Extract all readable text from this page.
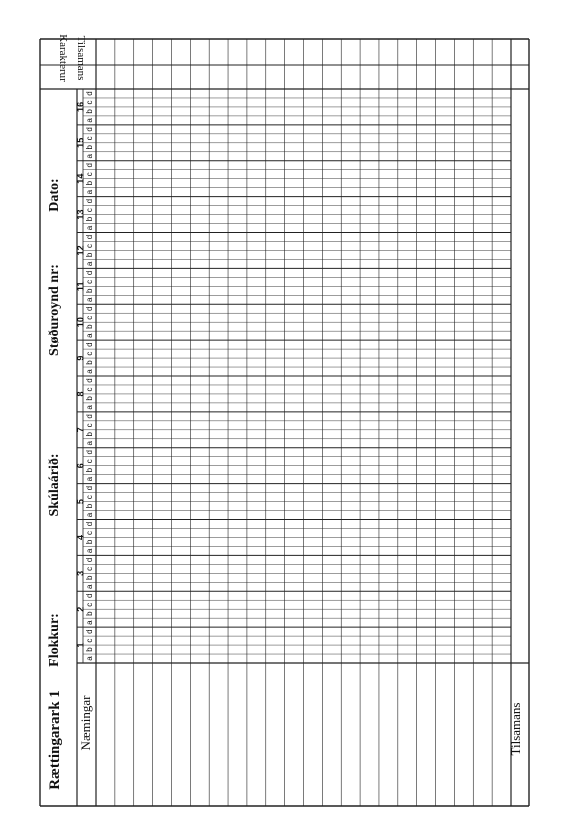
Rættingarark 1
Flokkur:
Skúlaárið:
Støðuroynd nr:
Dato:
Næmingar	Tilsamans
Tilsamans
Karakterur
1
2
3
4
5
6
7
8
9
10
11
12
13
14
15
16
a
b
c
d
a
b
c
d
a
b
c
d
a
b
c
d
a
b
c
d
a
b
c
d
a
b
c
d
a
b
c
d
a
b
c
d
a
b
c
d
a
b
c
d
a
b
c
d
a
b
c
d
a
b
c
d
a
b
c
d
a
b
c
d
